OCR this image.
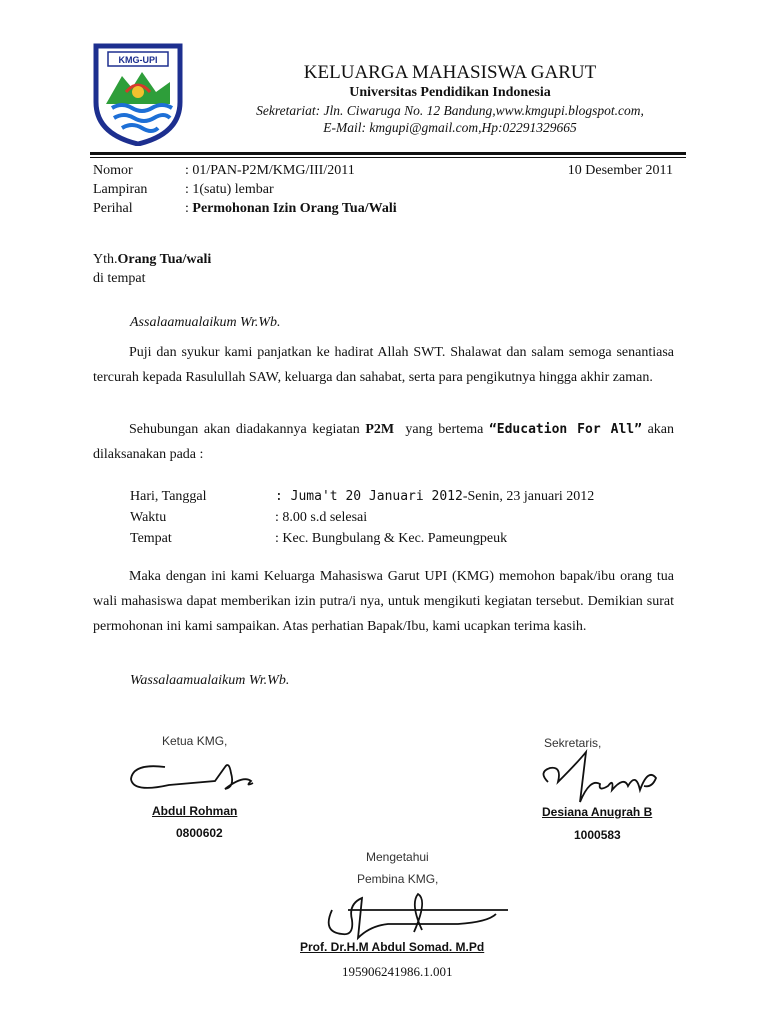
KMG-UPI
KELUARGA MAHASISWA GARUT
Universitas Pendidikan Indonesia
Sekretariat: Jln. Ciwaruga No. 12 Bandung,www.kmgupi.blogspot.com,
E-Mail: kmgupi@gmail.com,Hp:02291329665
Nomor	: 01/PAN-P2M/KMG/III/2011	10 Desember 2011
Lampiran	: 1(satu) lembar
Perihal	: Permohonan Izin Orang Tua/Wali
Yth.Orang Tua/wali
di tempat
Assalaamualaikum Wr.Wb.
Puji dan syukur kami panjatkan ke hadirat Allah SWT. Shalawat dan salam semoga senantiasa tercurah kepada Rasulullah SAW, keluarga dan sahabat, serta para pengikutnya hingga akhir zaman.
Sehubungan akan diadakannya kegiatan P2M  yang bertema “Education For All” akan dilaksanakan pada :
Hari, Tanggal	: Juma't 20 Januari 2012-Senin, 23 januari 2012
Waktu	: 8.00 s.d selesai
Tempat	: Kec. Bungbulang & Kec. Pameungpeuk
Maka dengan ini kami Keluarga Mahasiswa Garut UPI (KMG) memohon bapak/ibu orang tua wali mahasiswa dapat memberikan izin putra/i nya, untuk mengikuti kegiatan tersebut. Demikian surat permohonan ini kami sampaikan. Atas perhatian Bapak/Ibu, kami ucapkan terima kasih.
Wassalaamualaikum Wr.Wb.
Ketua KMG,
Abdul Rohman
0800602
Sekretaris,
Desiana Anugrah B
1000583
Mengetahui
Pembina KMG,
Prof. Dr.H.M Abdul Somad. M.Pd
195906241986.1.001
